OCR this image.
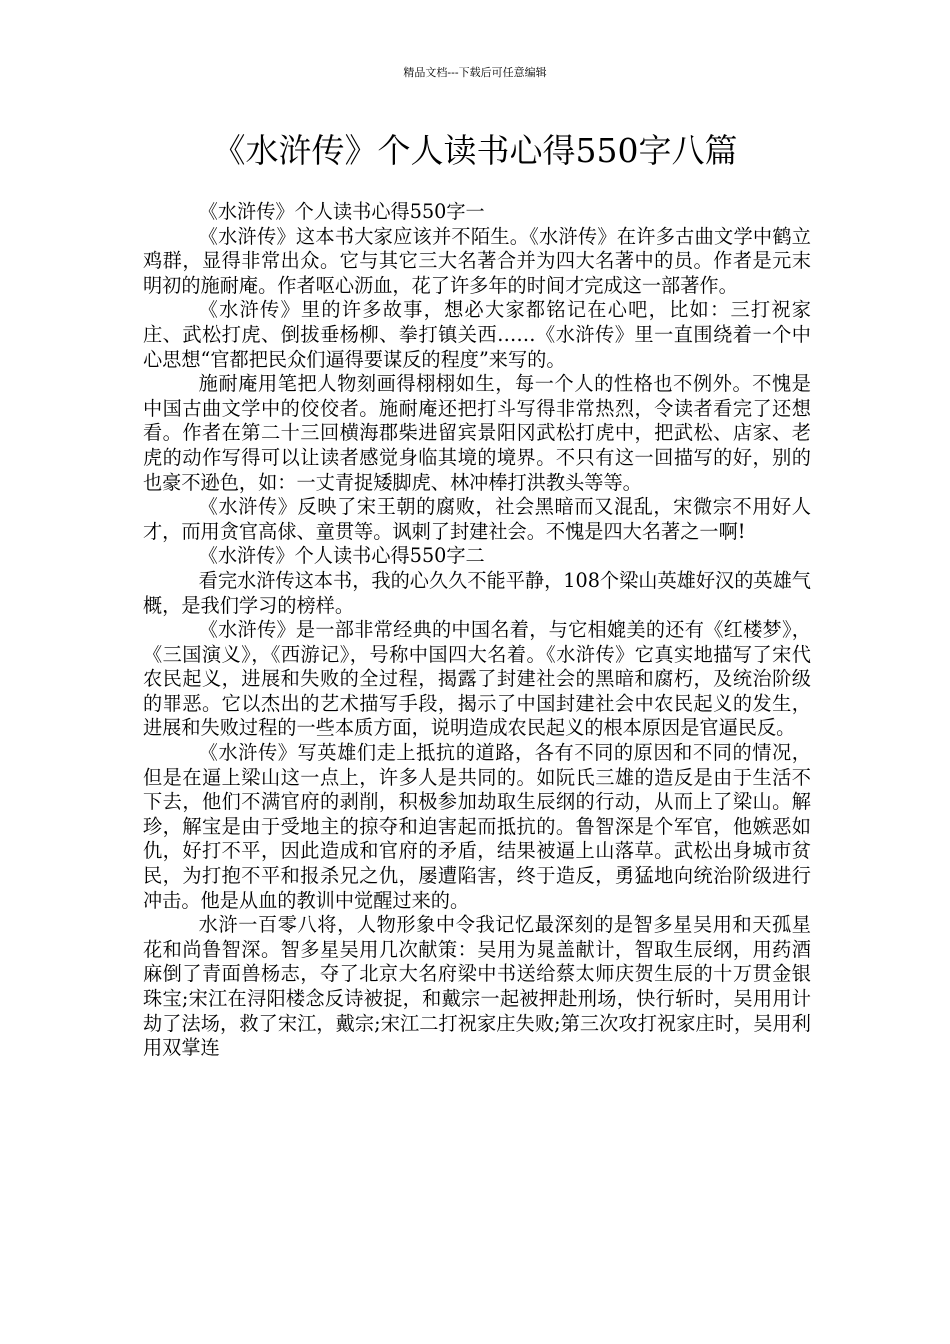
精品文档---下载后可任意编辑
《水浒传》个人读书心得550字八篇

《水浒传》个人读书心得550字一

《水浒传》这本书大家应该并不陌生。《水浒传》在许多古曲文学中鹤立鸡群，显得非常出众。它与其它三大名著合并为四大名著中的员。作者是元末明初的施耐庵。作者呕心沥血，花了许多年的时间才完成这一部著作。

《水浒传》里的许多故事，想必大家都铭记在心吧，比如：三打祝家庄、武松打虎、倒拔垂杨柳、拳打镇关西……《水浒传》里一直围绕着一个中心思想“官都把民众们逼得要谋反的程度”来写的。

施耐庵用笔把人物刻画得栩栩如生，每一个人的性格也不例外。不愧是中国古曲文学中的佼佼者。施耐庵还把打斗写得非常热烈，令读者看完了还想看。作者在第二十三回横海郡柴进留宾景阳冈武松打虎中，把武松、店家、老虎的动作写得可以让读者感觉身临其境的境界。不只有这一回描写的好，别的也豪不逊色，如：一丈青捉矮脚虎、林冲棒打洪教头等等。

《水浒传》反映了宋王朝的腐败，社会黑暗而又混乱，宋微宗不用好人才，而用贪官高俅、童贯等。讽刺了封建社会。不愧是四大名著之一啊!

《水浒传》个人读书心得550字二

看完水浒传这本书，我的心久久不能平静，108个梁山英雄好汉的英雄气概，是我们学习的榜样。

《水浒传》是一部非常经典的中国名着，与它相媲美的还有《红楼梦》，《三国演义》，《西游记》，号称中国四大名着。《水浒传》它真实地描写了宋代农民起义，进展和失败的全过程，揭露了封建社会的黑暗和腐朽，及统治阶级的罪恶。它以杰出的艺术描写手段，揭示了中国封建社会中农民起义的发生，进展和失败过程的一些本质方面，说明造成农民起义的根本原因是官逼民反。

《水浒传》写英雄们走上抵抗的道路，各有不同的原因和不同的情况，但是在逼上梁山这一点上，许多人是共同的。如阮氏三雄的造反是由于生活不下去，他们不满官府的剥削，积极参加劫取生辰纲的行动，从而上了梁山。解珍，解宝是由于受地主的掠夺和迫害起而抵抗的。鲁智深是个军官，他嫉恶如仇，好打不平，因此造成和官府的矛盾，结果被逼上山落草。武松出身城市贫民，为打抱不平和报杀兄之仇，屡遭陷害，终于造反，勇猛地向统治阶级进行冲击。他是从血的教训中觉醒过来的。

水浒一百零八将，人物形象中令我记忆最深刻的是智多星吴用和天孤星花和尚鲁智深。智多星吴用几次献策：吴用为晁盖献计，智取生辰纲，用药酒麻倒了青面兽杨志，夺了北京大名府梁中书送给蔡太师庆贺生辰的十万贯金银珠宝;宋江在浔阳楼念反诗被捉，和戴宗一起被押赴刑场，快行斩时，吴用用计劫了法场，救了宋江，戴宗;宋江二打祝家庄失败;第三次攻打祝家庄时，吴用利用双掌连
